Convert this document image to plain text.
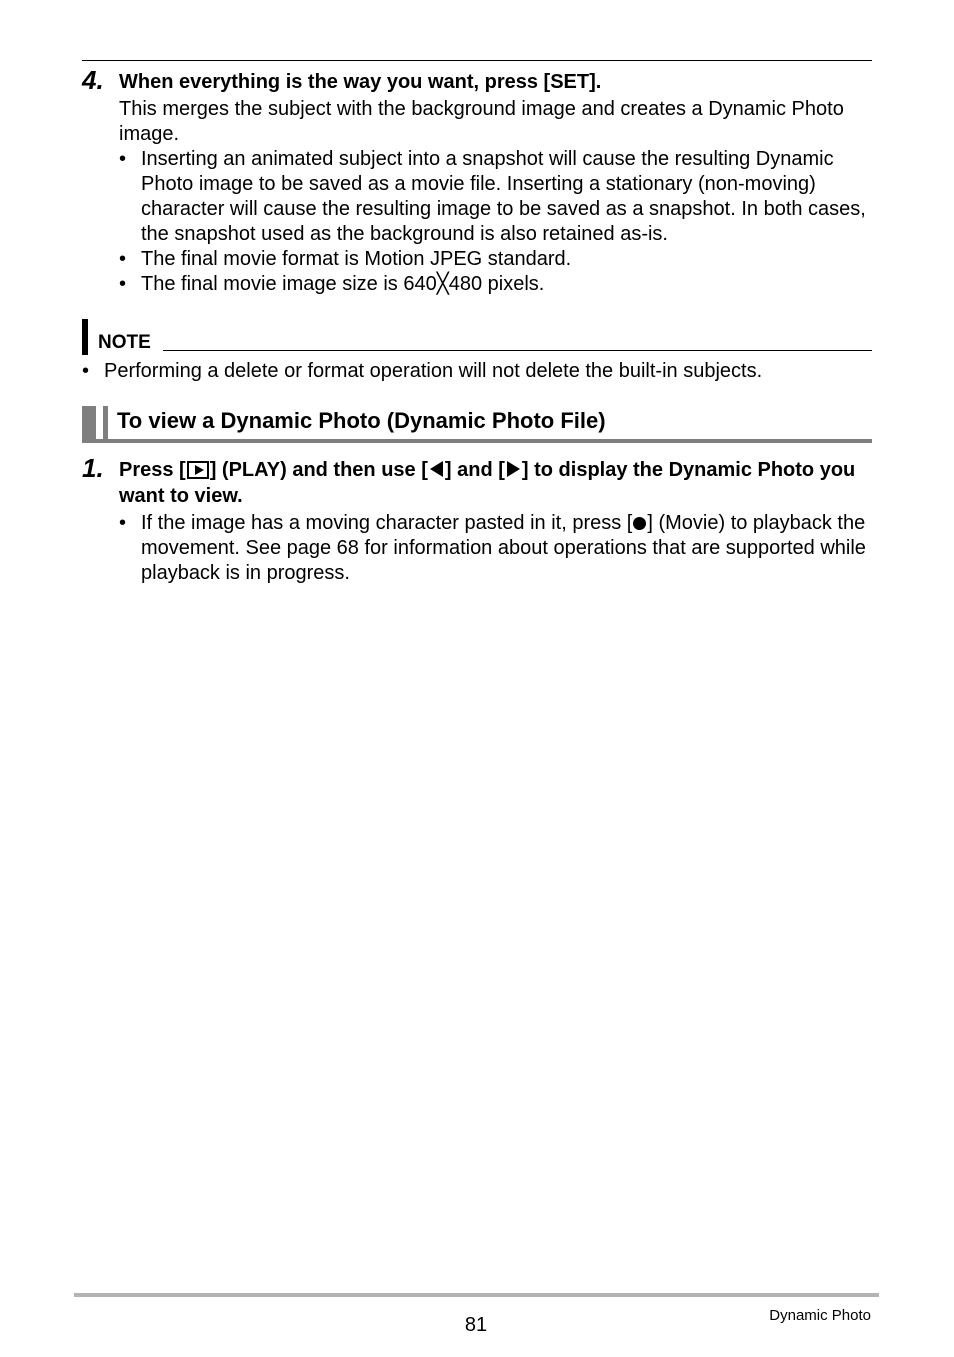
4. When everything is the way you want, press [SET].
This merges the subject with the background image and creates a Dynamic Photo image.
• Inserting an animated subject into a snapshot will cause the resulting Dynamic Photo image to be saved as a movie file. Inserting a stationary (non-moving) character will cause the resulting image to be saved as a snapshot. In both cases, the snapshot used as the background is also retained as-is.
• The final movie format is Motion JPEG standard.
• The final movie image size is 640╳480 pixels.
NOTE
• Performing a delete or format operation will not delete the built-in subjects.
To view a Dynamic Photo (Dynamic Photo File)
1. Press [ ] (PLAY) and then use [ ] and [ ] to display the Dynamic Photo you want to view.
• If the image has a moving character pasted in it, press [ ] (Movie) to playback the movement. See page 68 for information about operations that are supported while playback is in progress.
81	Dynamic Photo
